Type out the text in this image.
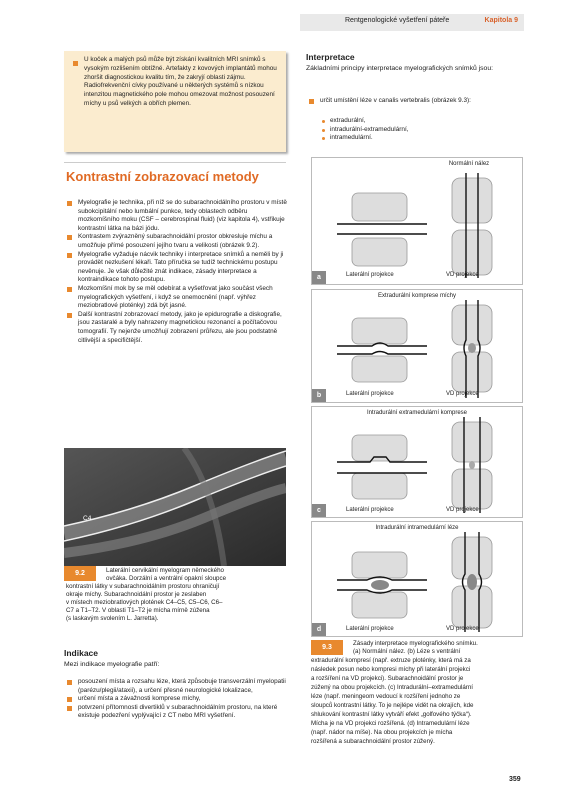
Rentgenologické vyšetření páteře	Kapitola 9

U koček a malých psů může být získání kvalitních MRI snímků s vysokým rozlišením obtížné. Artefakty z kovových implantátů mohou zhoršit diagnostickou kvalitu tím, že zakryjí oblasti zájmu. Radiofrekvenční cívky používané u některých systémů s nízkou intenzitou magnetického pole mohou omezovat možnost posouzení míchy u psů velkých a obřích plemen.

Kontrastní zobrazovací metody
Myelografie je technika, při níž se do subarachnoidálního prostoru v místě subokcipitální nebo lumbální punkce, tedy oblastech odběru mozkomíšního moku (CSF – cerebrospinal fluid) (viz kapitola 4), vstřikuje kontrastní látka na bázi jódu.
Kontrastem zvýrazněný subarachnoidální prostor obkresluje míchu a umožňuje přímé posouzení jejího tvaru a velikosti (obrázek 9.2).
Myelografie vyžaduje nácvik techniky i interpretace snímků a neměli by ji provádět nezkušení lékaři. Tato příručka se tudíž technickému postupu nevěnuje. Je však důležité znát indikace, zásady interpretace a kontraindikace tohoto postupu.
Mozkomíšní mok by se měl odebírat a vyšetřovat jako součást všech myelografických vyšetření, i když se onemocnění (např. výhřez meziobratlové ploténky) zdá být jasné.
Další kontrastní zobrazovací metody, jako je epidurografie a diskografie, jsou zastaralé a byly nahrazeny magnetickou rezonancí a počítačovou tomografií. Ty nejenže umožňují zobrazení průřezu, ale jsou podstatně citlivější a specifičtější.
C4
9.2	Laterální cervikální myelogram německého
ovčáka. Dorzální a ventrální opakní sloupce
kontrastní látky v subarachnoidálním prostoru ohraničují
okraje míchy. Subarachnoidální prostor je zeslaben
v místech meziobratlových plotének C4–C5, C5–C6, C6–
C7 a T1–T2. V oblasti T1–T2 je mícha mírně zúžena
(s laskavým svolením L. Jarretta).
Indikace
Mezi indikace myelografie patří:
posouzení místa a rozsahu léze, která způsobuje transverzální myelopatii (parézu/plegii/ataxii), a určení přesné neurologické lokalizace,
určení místa a závažnosti komprese míchy,
potvrzení přítomnosti divertiklů v subarachnoidálním prostoru, na které existuje podezření vyplývající z CT nebo MRI vyšetření.
Interpretace
Základními principy interpretace myelografických snímků jsou:
určit umístění léze v canalis vertebralis (obrázek 9.3):
extradurální,
intradurální-extramedulární,
intramedulární.
Normální nález
Laterální projekce	VD projekce
a
Extradurální komprese míchy
Laterální projekce	VD projekce
b
Intradurální extramedulární komprese
Laterální projekce	VD projekce
c
Intradurální intramedulární léze
Laterální projekce	VD projekce
d
9.3
Zásady interpretace myelografického snímku.
(a) Normální nález. (b) Léze s ventrální
extradurální kompresí (např. extruze ploténky, která má za
následek posun nebo kompresi míchy při laterální projekci
a rozšíření na VD projekci). Subarachnoidální prostor je
zúžený na obou projekcích. (c) Intradurální–extramedulární
léze (např. meningeom vedoucí k rozšíření jednoho ze
sloupců kontrastní látky. To je nejlépe vidět na okrajích, kde
shlukování kontrastní látky vytváří efekt „golfového týčka“).
Mícha je na VD projekci rozšířená. (d) Intramedulární léze
(např. nádor na míše). Na obou projekcích je mícha
rozšířená a subarachnoidální prostor zúžený.
359
